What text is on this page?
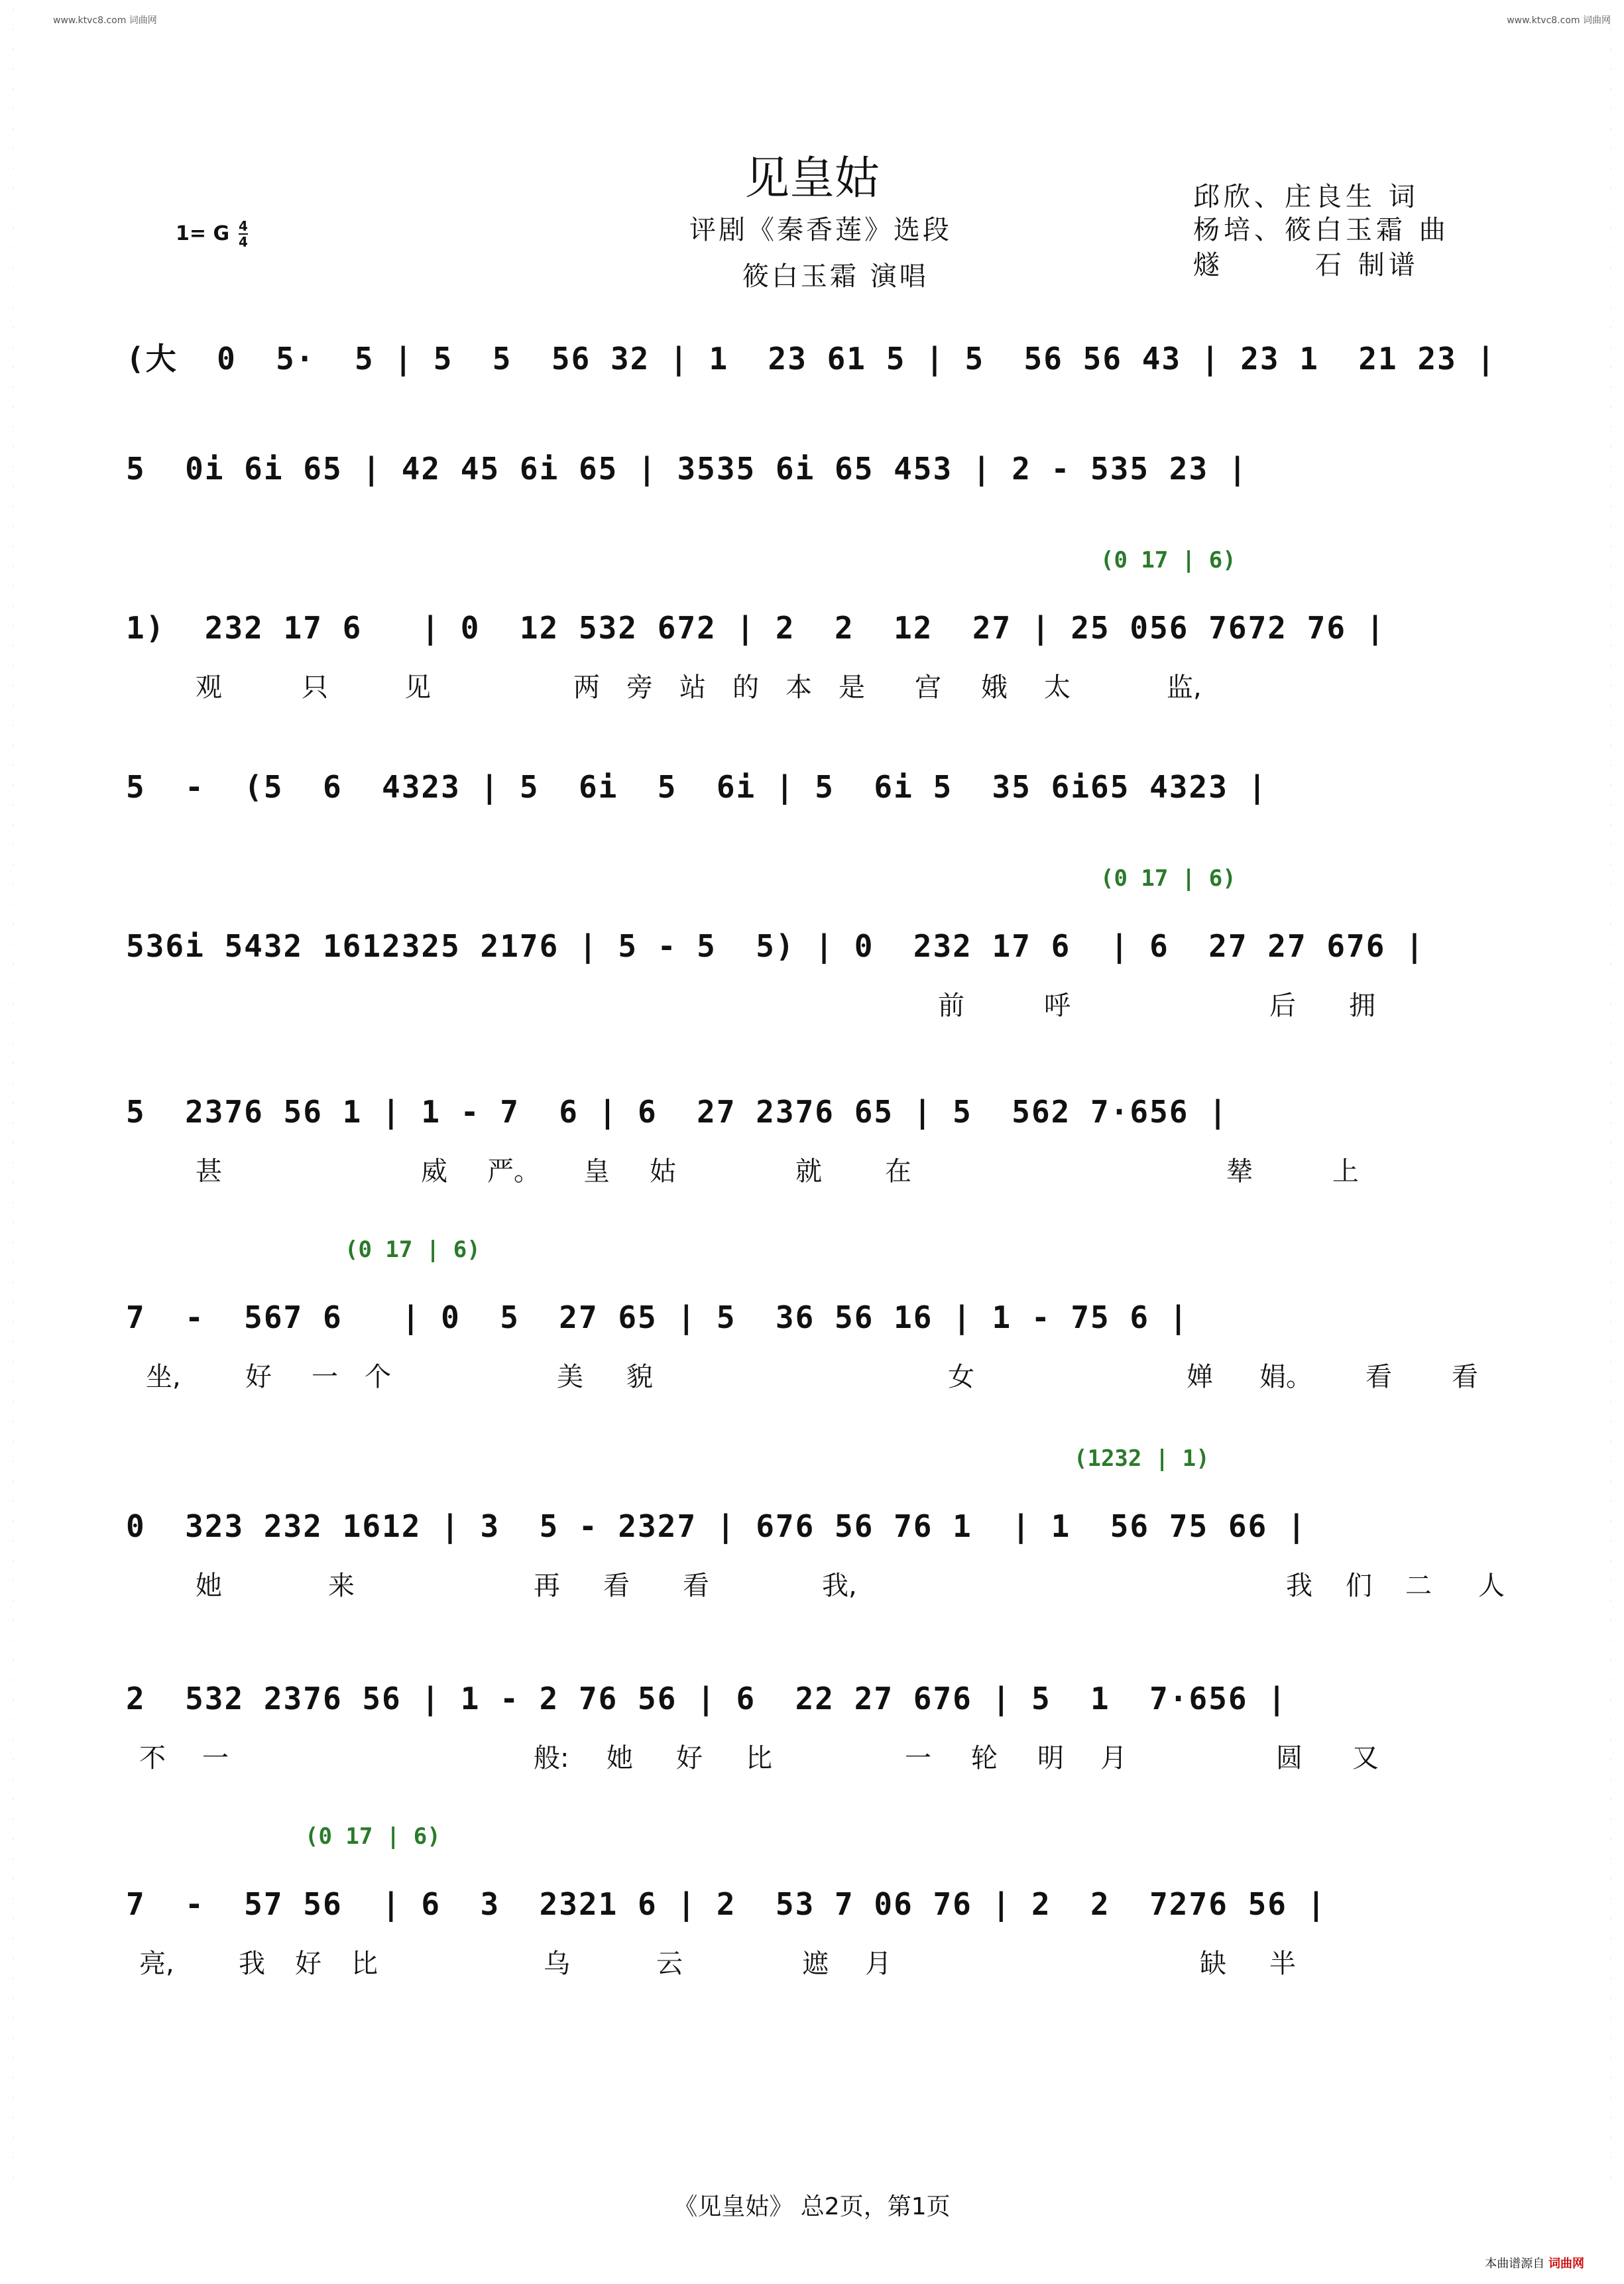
·
·
·
·
·
·
·
·
·
·
·
·
·
·
·
·
·
·
·
·
·
·
·
·
·
·
·
·
·
·
·
·
·
·
·
·
·
·
·
·
·
·
·
·
·
·
·
·
·
·
·
·
·
·
·
·
·
·
·
·
·
·
·
·
·
·
·
·
·
·
·
·
·
·
·
·
·
·
·
·
·
·
·
·
·
·
·
·
·
·
·
·
·
·
·
·
·
·
·
·
·
·
·
·
·
·
·
·
·
·
·
·
·
·
·
·
·
·
·
·
·
·
·
·
·
·
·
·
·
·
·
·
·
·
·
·
·
·
·
·
·
·
·
·
·
·
·
·
·
·
·
·
·
·
·
·
·
·
·
·
·
·
·
·
·
·
·
·
·
·
·
·
·
·
·
·
·
·
·
·
·
·
·
·
·
·
·
·
·
·
·
·
·
·
·
·
·
·
·
·
·
·
·
·
·
·
·
·
·
·
·
·
·
·
·
·
·
·
·
·
www.ktvc8.com 词曲网	www.ktvc8.com 词曲网
见皇姑
评剧《秦香莲》选段
筱白玉霜 演唱
邱欣、庄良生 词
杨培、筱白玉霜 曲
燧　　　石 制谱
1= G 4
4
(大  0  5·  5 | 5  5  56 32 | 1  23 61 5 | 5  56 56 43 | 23 1  21 23 |
5  0i 6i 65 | 42 45 6i 65 | 3535 6i 65 453 | 2 - 535 23 |
(0 17 | 6)
1)  232 17 6   | 0  12 532 672 | 2  2  12  27 | 25 056 7672 76 |
观	只	见	两 旁 站 的 本 是 宫 娥 太	监,
5  -  (5  6  4323 | 5  6i  5  6i | 5  6i 5  35 6i65 4323 |
(0 17 | 6)
536i 5432 1612325 2176 | 5 - 5  5) | 0  232 17 6  | 6  27 27 676 |
前	呼	后 拥
5  2376 56 1 | 1 - 7  6 | 6  27 2376 65 | 5  562 7·656 |
甚	威 严。 皇 姑	就 在	辇	上
(0 17 | 6)
7  -  567 6   | 0  5  27 65 | 5  36 56 16 | 1 - 75 6 |
坐, 好 一 个	美 貌	女	婵 娟。 看 看
(1232 | 1)
0  323 232 1612 | 3  5 - 2327 | 676 56 76 1  | 1  56 75 66 |
她	来	再 看 看	我,	我 们 二 人
2  532 2376 56 | 1 - 2 76 56 | 6  22 27 676 | 5  1  7·656 |
不 一	般: 她 好 比	一 轮 明 月	圆 又
(0 17 | 6)
7  -  57 56  | 6  3  2321 6 | 2  53 7 06 76 | 2  2  7276 56 |
亮, 我 好 比	乌	云	遮 月	缺 半
《见皇姑》 总2页，第1页
本曲谱源自 词曲网
